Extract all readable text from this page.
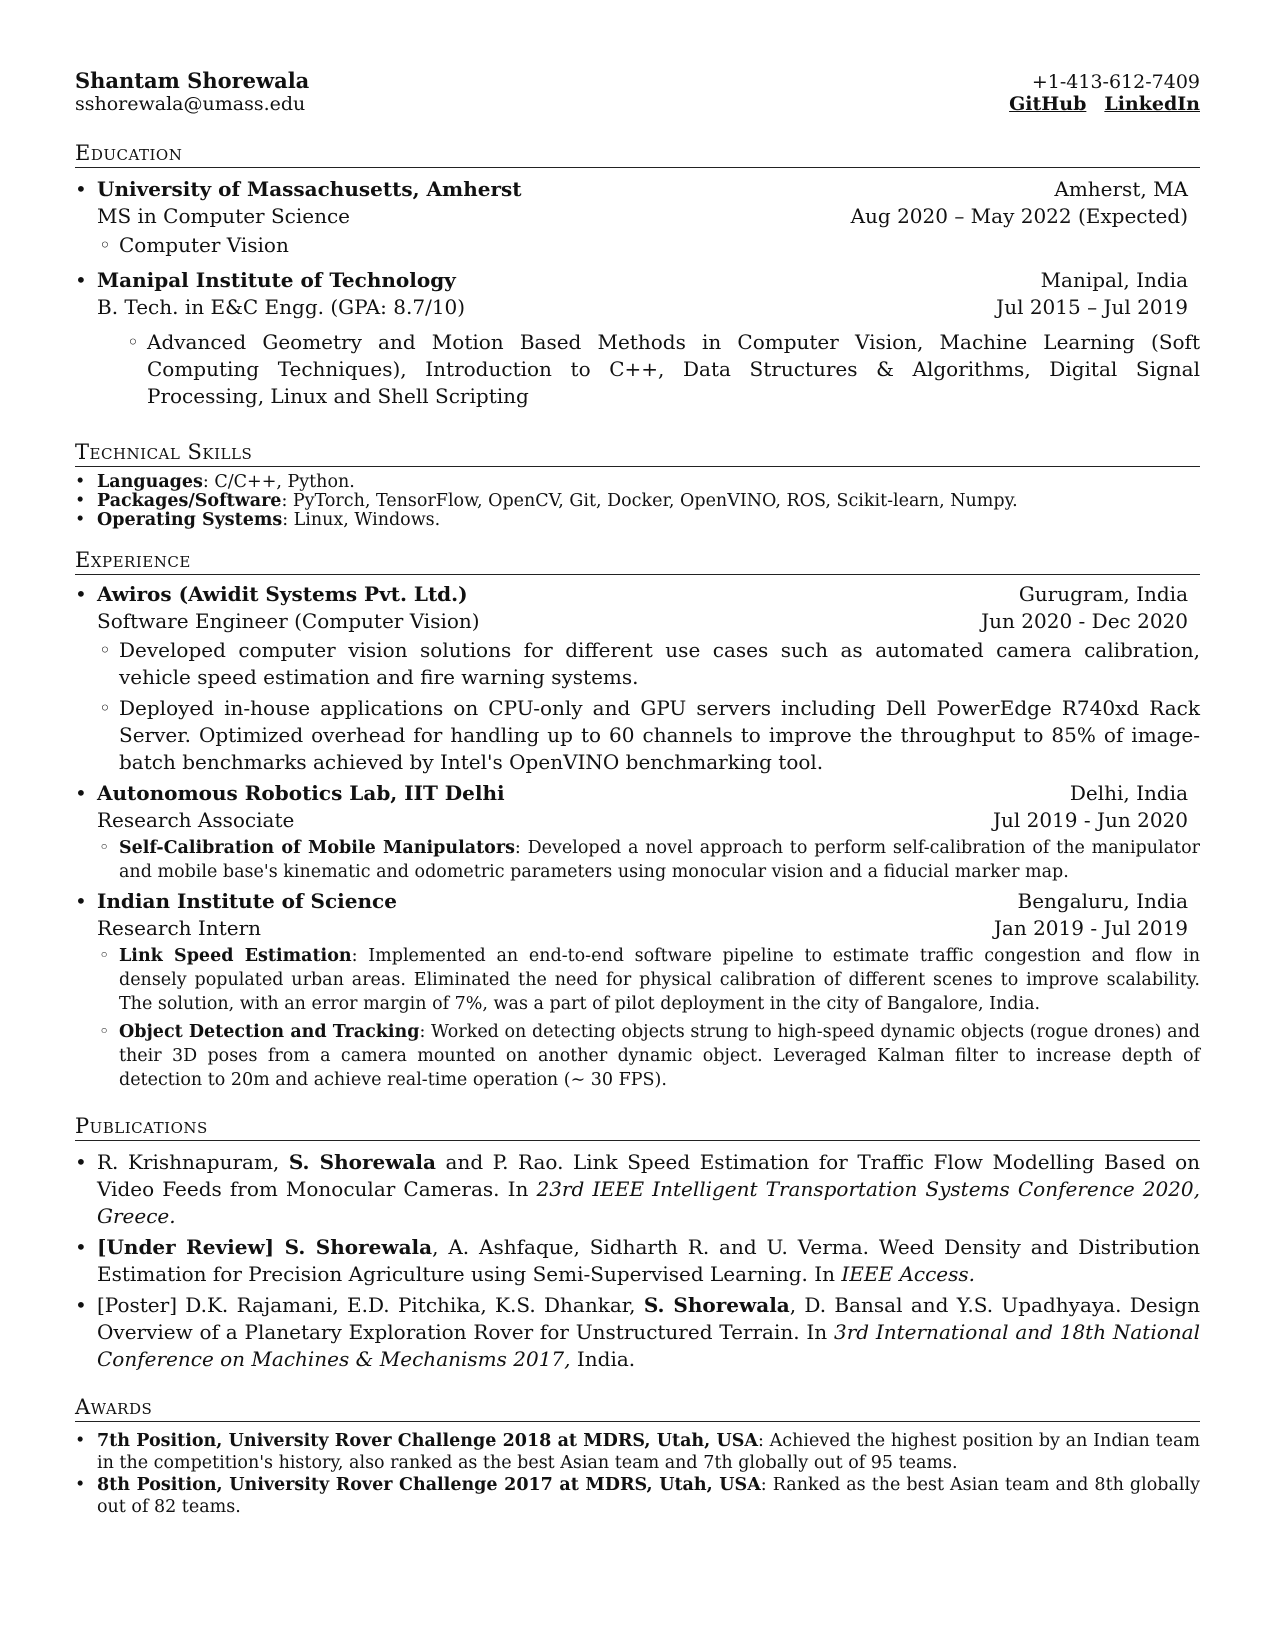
Shantam Shorewala	+1-413-612-7409
sshorewala@umass.edu	GitHub LinkedIn
Education
• University of Massachusetts, Amherst	Amherst, MA
MS in Computer Science	Aug 2020 – May 2022 (Expected)
◦ Computer Vision
• Manipal Institute of Technology	Manipal, India
B. Tech. in E&C Engg. (GPA: 8.7/10)	Jul 2015 – Jul 2019
◦ Advanced Geometry and Motion Based Methods in Computer Vision, Machine Learning (Soft Computing Techniques), Introduction to C++, Data Structures & Algorithms, Digital Signal Processing, Linux and Shell Scripting
Technical Skills
• Languages: C/C++, Python.
• Packages/Software: PyTorch, TensorFlow, OpenCV, Git, Docker, OpenVINO, ROS, Scikit-learn, Numpy.
• Operating Systems: Linux, Windows.
Experience
• Awiros (Awidit Systems Pvt. Ltd.)	Gurugram, India
Software Engineer (Computer Vision)	Jun 2020 - Dec 2020
◦ Developed computer vision solutions for different use cases such as automated camera calibration, vehicle speed estimation and fire warning systems.
◦ Deployed in-house applications on CPU-only and GPU servers including Dell PowerEdge R740xd Rack Server. Optimized overhead for handling up to 60 channels to improve the throughput to 85% of image-batch benchmarks achieved by Intel's OpenVINO benchmarking tool.
• Autonomous Robotics Lab, IIT Delhi	Delhi, India
Research Associate	Jul 2019 - Jun 2020
◦ Self-Calibration of Mobile Manipulators: Developed a novel approach to perform self-calibration of the manipulator and mobile base's kinematic and odometric parameters using monocular vision and a fiducial marker map.
• Indian Institute of Science	Bengaluru, India
Research Intern	Jan 2019 - Jul 2019
◦ Link Speed Estimation: Implemented an end-to-end software pipeline to estimate traffic congestion and flow in densely populated urban areas. Eliminated the need for physical calibration of different scenes to improve scalability. The solution, with an error margin of 7%, was a part of pilot deployment in the city of Bangalore, India.
◦ Object Detection and Tracking: Worked on detecting objects strung to high-speed dynamic objects (rogue drones) and their 3D poses from a camera mounted on another dynamic object. Leveraged Kalman filter to increase depth of detection to 20m and achieve real-time operation (∼ 30 FPS).
Publications
• R. Krishnapuram, S. Shorewala and P. Rao. Link Speed Estimation for Traffic Flow Modelling Based on Video Feeds from Monocular Cameras. In 23rd IEEE Intelligent Transportation Systems Conference 2020, Greece.
• [Under Review] S. Shorewala, A. Ashfaque, Sidharth R. and U. Verma. Weed Density and Distribution Estimation for Precision Agriculture using Semi-Supervised Learning. In IEEE Access.
• [Poster] D.K. Rajamani, E.D. Pitchika, K.S. Dhankar, S. Shorewala, D. Bansal and Y.S. Upadhyaya. Design Overview of a Planetary Exploration Rover for Unstructured Terrain. In 3rd International and 18th National Conference on Machines & Mechanisms 2017, India.
Awards
• 7th Position, University Rover Challenge 2018 at MDRS, Utah, USA: Achieved the highest position by an Indian team in the competition's history, also ranked as the best Asian team and 7th globally out of 95 teams.
• 8th Position, University Rover Challenge 2017 at MDRS, Utah, USA: Ranked as the best Asian team and 8th globally out of 82 teams.
